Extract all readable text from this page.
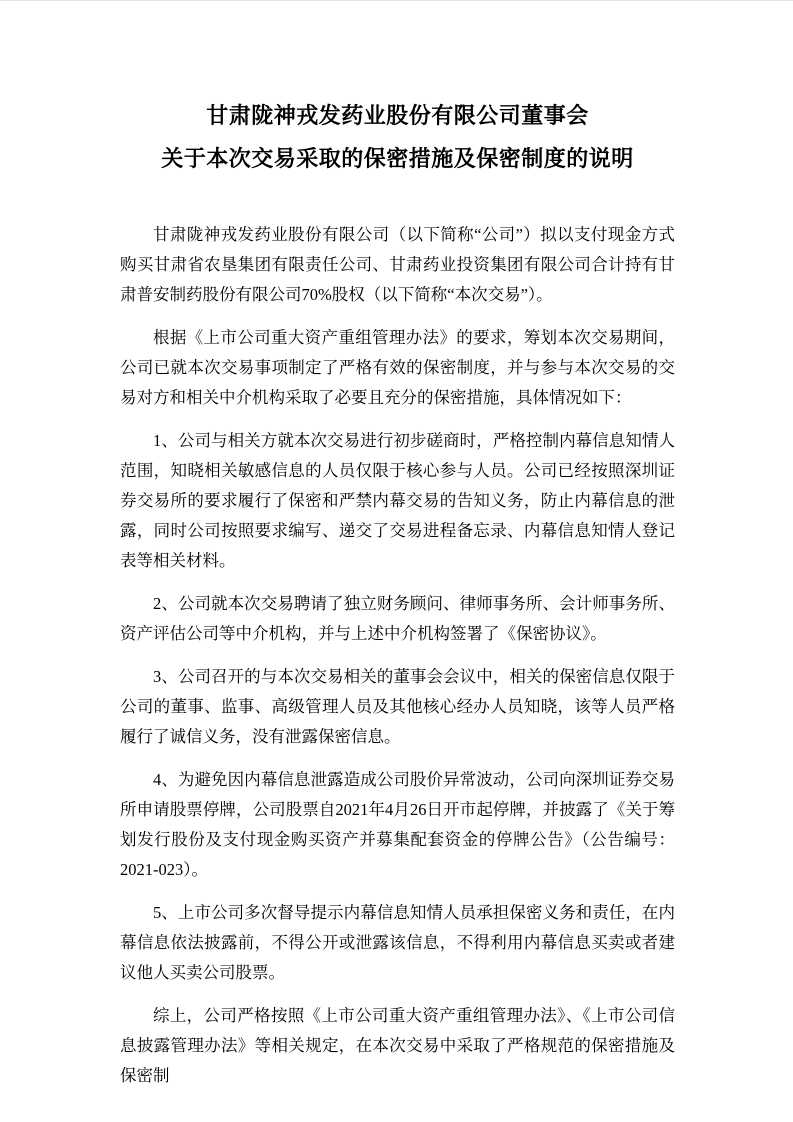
甘肃陇神戎发药业股份有限公司董事会
关于本次交易采取的保密措施及保密制度的说明

甘肃陇神戎发药业股份有限公司（以下简称“公司”）拟以支付现金方式购买甘肃省农垦集团有限责任公司、甘肃药业投资集团有限公司合计持有甘肃普安制药股份有限公司70%股权（以下简称“本次交易”）。

根据《上市公司重大资产重组管理办法》的要求，筹划本次交易期间，公司已就本次交易事项制定了严格有效的保密制度，并与参与本次交易的交易对方和相关中介机构采取了必要且充分的保密措施，具体情况如下：

1、公司与相关方就本次交易进行初步磋商时，严格控制内幕信息知情人范围，知晓相关敏感信息的人员仅限于核心参与人员。公司已经按照深圳证券交易所的要求履行了保密和严禁内幕交易的告知义务，防止内幕信息的泄露，同时公司按照要求编写、递交了交易进程备忘录、内幕信息知情人登记表等相关材料。

2、公司就本次交易聘请了独立财务顾问、律师事务所、会计师事务所、资产评估公司等中介机构，并与上述中介机构签署了《保密协议》。

3、公司召开的与本次交易相关的董事会会议中，相关的保密信息仅限于公司的董事、监事、高级管理人员及其他核心经办人员知晓，该等人员严格履行了诚信义务，没有泄露保密信息。

4、为避免因内幕信息泄露造成公司股价异常波动，公司向深圳证券交易所申请股票停牌，公司股票自2021年4月26日开市起停牌，并披露了《关于筹划发行股份及支付现金购买资产并募集配套资金的停牌公告》（公告编号：2021-023）。

5、上市公司多次督导提示内幕信息知情人员承担保密义务和责任，在内幕信息依法披露前，不得公开或泄露该信息，不得利用内幕信息买卖或者建议他人买卖公司股票。

综上，公司严格按照《上市公司重大资产重组管理办法》、《上市公司信息披露管理办法》等相关规定，在本次交易中采取了严格规范的保密措施及保密制
